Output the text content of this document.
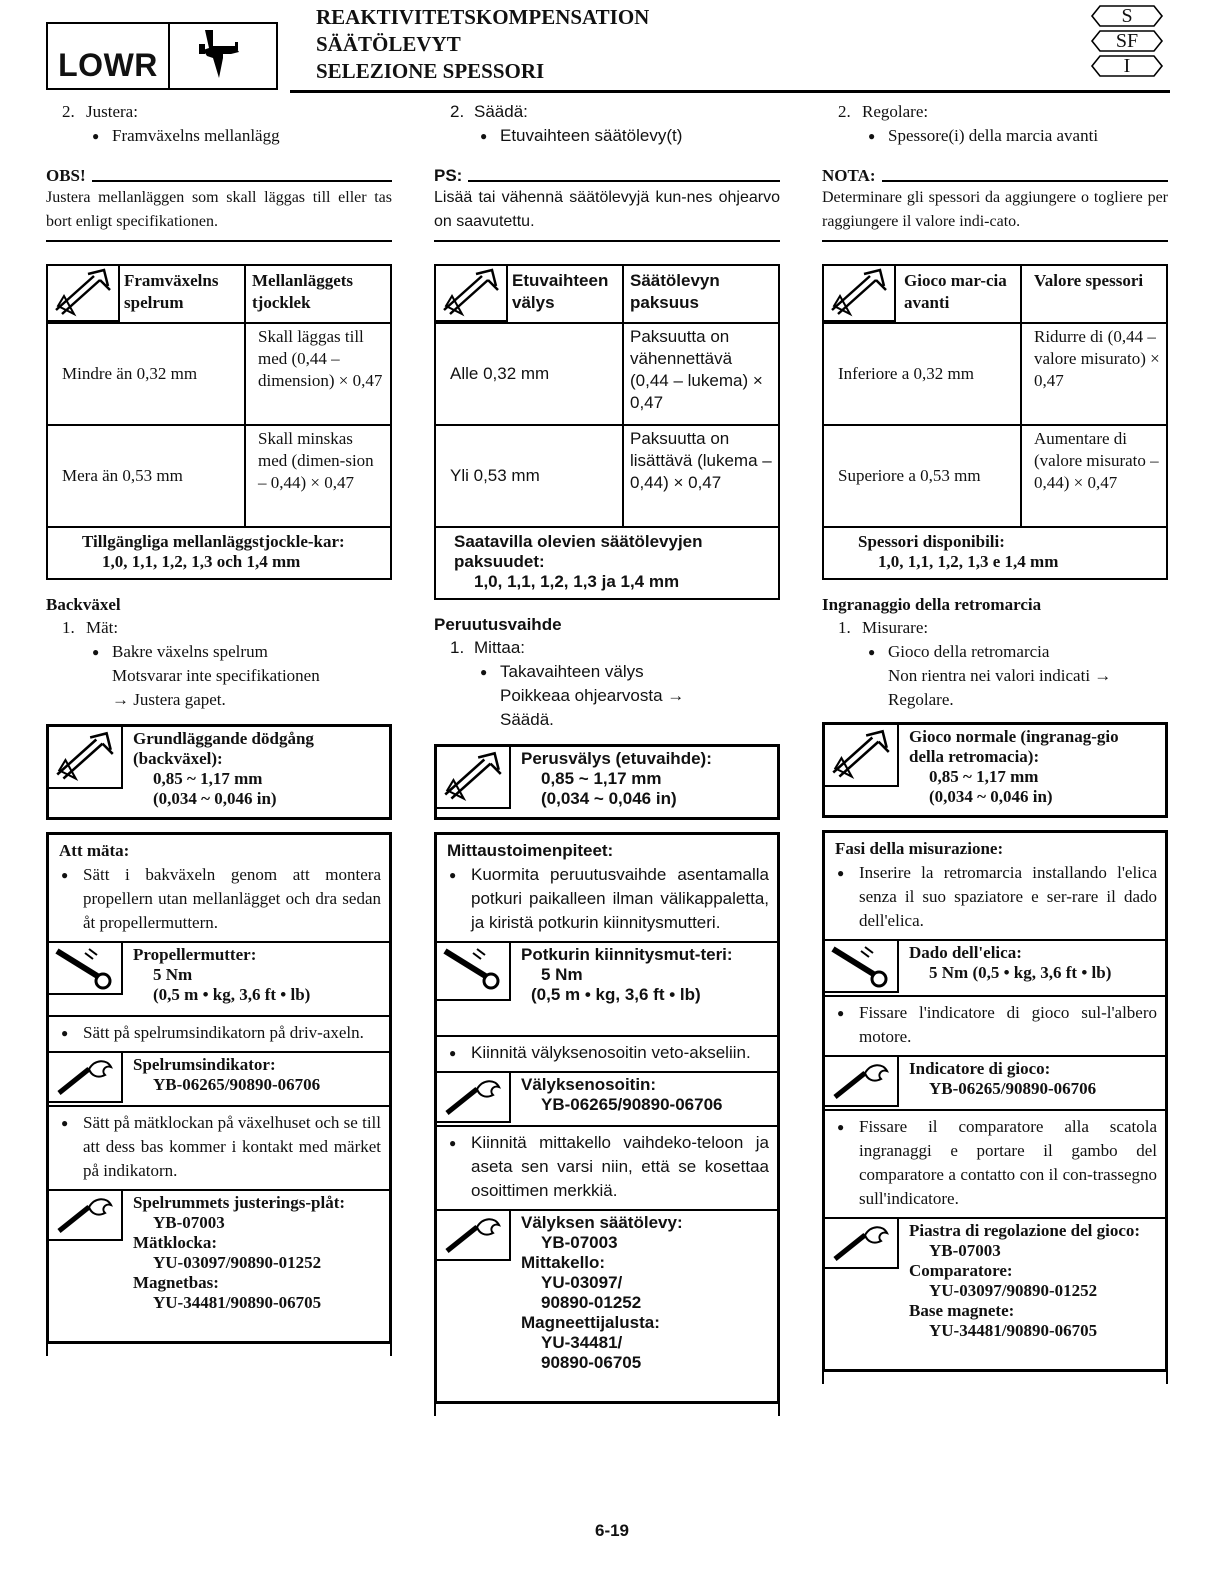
LOWR
REAKTIVITETSKOMPENSATION
SÄÄTÖLEVYT
SELEZIONE SPESSORI
S
SF
I
2. Justera:
● Framväxelns mellanlägg
OBS!
Justera mellanläggen som skall läggas till eller tas bort enligt specifikationen.
Framväxelns spelrum
Mellanläggets tjocklek
Mindre än 0,32 mm
Skall läggas till med (0,44 – dimension) × 0,47
Mera än 0,53 mm
Skall minskas med (dimen-sion – 0,44) × 0,47
Tillgängliga mellanläggstjockle-kar:
1,0, 1,1, 1,2, 1,3 och 1,4 mm
Backväxel
1. Mät:
● Bakre växelns spelrum
Motsvarar inte specifikationen
→ Justera gapet.
Grundläggande dödgång (backväxel):
0,85 ~ 1,17 mm
(0,034 ~ 0,046 in)
Att mäta:
● Sätt i bakväxeln genom att montera propellern utan mellanlägget och dra sedan åt propellermuttern.
Propellermutter:
5 Nm
(0,5 m • kg, 3,6 ft • lb)
● Sätt på spelrumsindikatorn på driv-axeln.
Spelrumsindikator:
YB-06265/90890-06706
● Sätt på mätklockan på växelhuset och se till att dess bas kommer i kontakt med märket på indikatorn.
Spelrummets justerings-plåt:
YB-07003
Mätklocka:
YU-03097/90890-01252
Magnetbas:
YU-34481/90890-06705
2. Säädä:
● Etuvaihteen säätölevy(t)
PS:
Lisää tai vähennä säätölevyjä kun-nes ohjearvo on saavutettu.
Etuvaihteen välys
Säätölevyn paksuus
Alle 0,32 mm
Paksuutta on vähennettävä (0,44 – lukema) × 0,47
Yli 0,53 mm
Paksuutta on lisättävä (lukema – 0,44) × 0,47
Saatavilla olevien säätölevyjen paksuudet:
1,0, 1,1, 1,2, 1,3 ja 1,4 mm
Peruutusvaihde
1. Mittaa:
● Takavaihteen välys
Poikkeaa ohjearvosta →
Säädä.
Perusvälys (etuvaihde):
0,85 ~ 1,17 mm
(0,034 ~ 0,046 in)
Mittaustoimenpiteet:
● Kuormita peruutusvaihde asentamalla potkuri paikalleen ilman välikappaletta, ja kiristä potkurin kiinnitysmutteri.
Potkurin kiinnitysmut-teri:
5 Nm
(0,5 m • kg, 3,6 ft • lb)
● Kiinnitä välyksenosoitin veto-akseliin.
Välyksenosoitin:
YB-06265/90890-06706
● Kiinnitä mittakello vaihdeko-teloon ja aseta sen varsi niin, että se kosettaa osoittimen merkkiä.
Välyksen säätölevy:
YB-07003
Mittakello:
YU-03097/
90890-01252
Magneettijalusta:
YU-34481/
90890-06705
2. Regolare:
● Spessore(i) della marcia avanti
NOTA:
Determinare gli spessori da aggiungere o togliere per raggiungere il valore indi-cato.
Gioco mar-cia avanti
Valore spessori
Inferiore a 0,32 mm
Ridurre di (0,44 – valore misurato) × 0,47
Superiore a 0,53 mm
Aumentare di (valore misurato – 0,44) × 0,47
Spessori disponibili:
1,0, 1,1, 1,2, 1,3 e 1,4 mm
Ingranaggio della retromarcia
1. Misurare:
● Gioco della retromarcia
Non rientra nei valori indicati →
Regolare.
Gioco normale (ingranag-gio della retromacia):
0,85 ~ 1,17 mm
(0,034 ~ 0,046 in)
Fasi della misurazione:
● Inserire la retromarcia installando l'elica senza il suo spaziatore e ser-rare il dado dell'elica.
Dado dell'elica:
5 Nm (0,5 • kg, 3,6 ft • lb)
● Fissare l'indicatore di gioco sul-l'albero motore.
Indicatore di gioco:
YB-06265/90890-06706
● Fissare il comparatore alla scatola ingranaggi e portare il gambo del comparatore a contatto con il con-trassegno sull'indicatore.
Piastra di regolazione del gioco:
YB-07003
Comparatore:
YU-03097/90890-01252
Base magnete:
YU-34481/90890-06705
6-19
